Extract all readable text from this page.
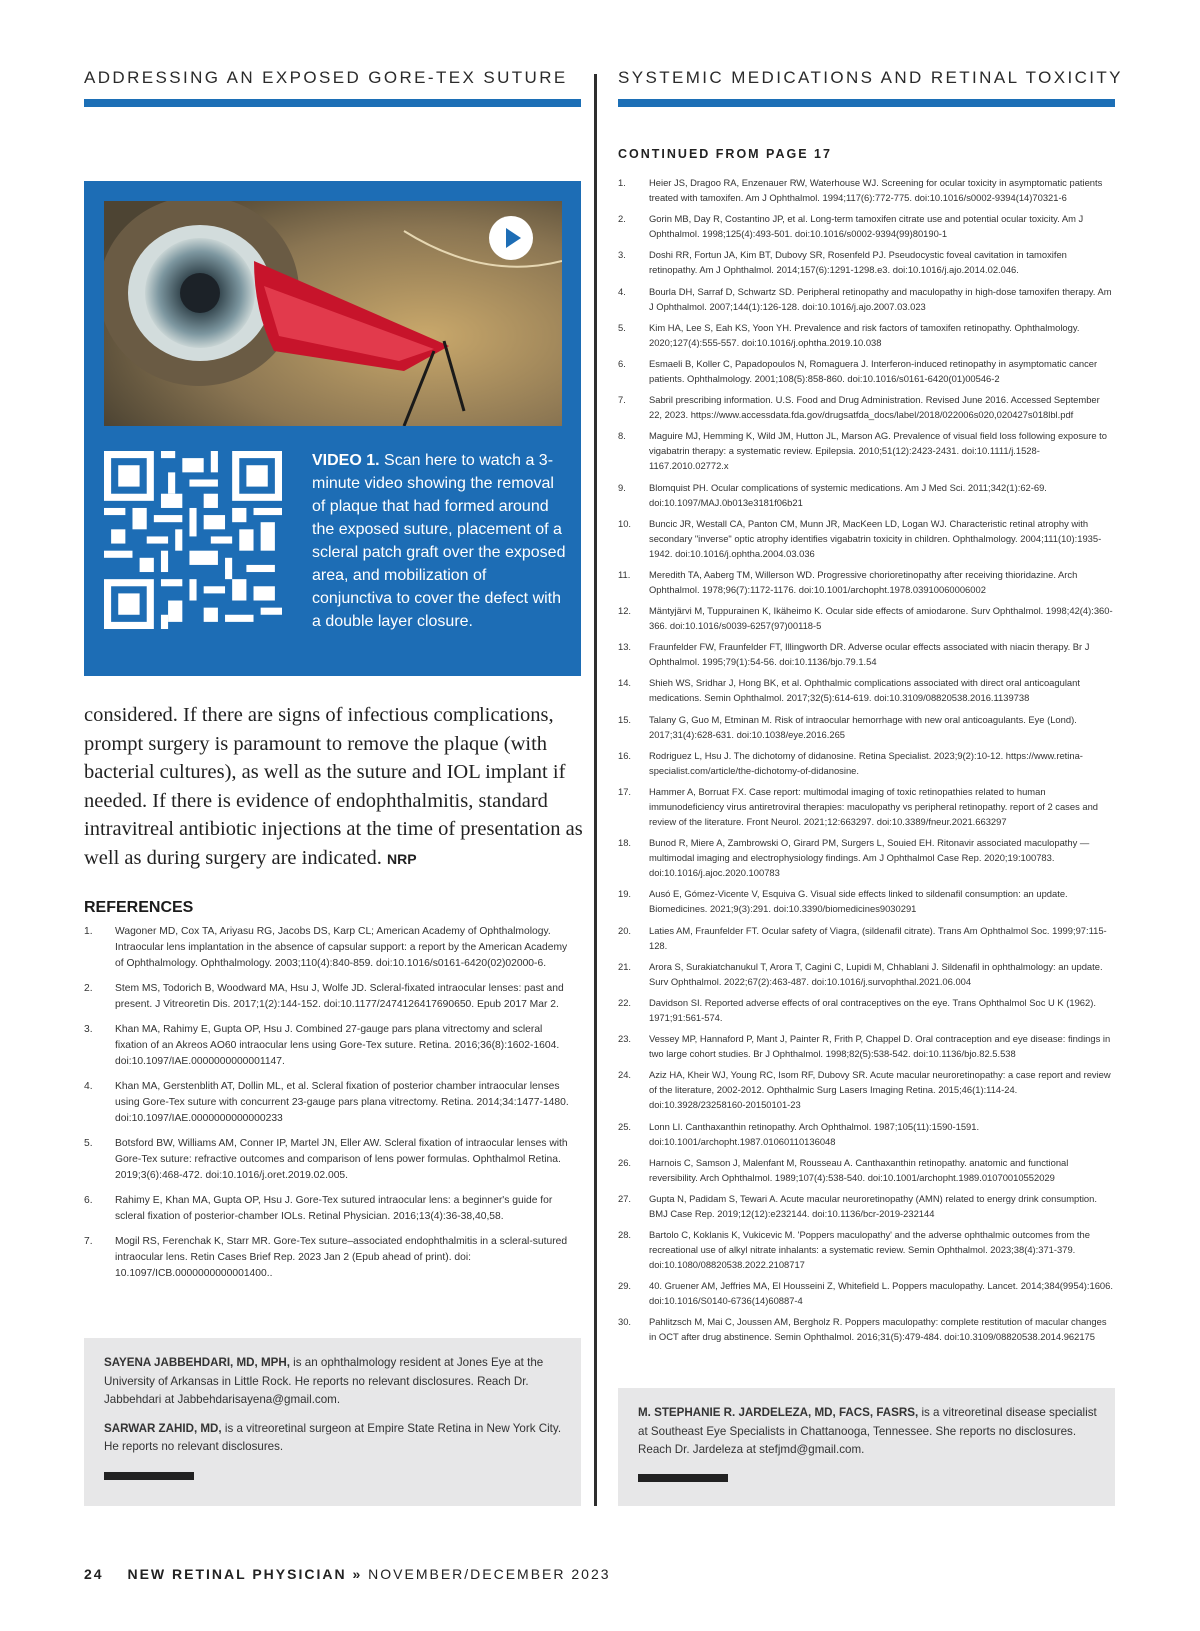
ADDRESSING AN EXPOSED GORE-TEX SUTURE	SYSTEMIC MEDICATIONS AND RETINAL TOXICITY
VIDEO 1. Scan here to watch a 3-minute video showing the removal of plaque that had formed around the exposed suture, placement of a scleral patch graft over the exposed area, and mobilization of conjunctiva to cover the defect with a double layer closure.
considered. If there are signs of infectious complications, prompt surgery is paramount to remove the plaque (with bacterial cultures), as well as the suture and IOL implant if needed. If there is evidence of endophthalmitis, standard intravitreal antibiotic injections at the time of presentation as well as during surgery are indicated. NRP
REFERENCES
1. Wagoner MD, Cox TA, Ariyasu RG, Jacobs DS, Karp CL; American Academy of Ophthalmology. Intraocular lens implantation in the absence of capsular support: a report by the American Academy of Ophthalmology. Ophthalmology. 2003;110(4):840-859. doi:10.1016/s0161-6420(02)02000-6.
2. Stem MS, Todorich B, Woodward MA, Hsu J, Wolfe JD. Scleral-fixated intraocular lenses: past and present. J Vitreoretin Dis. 2017;1(2):144-152. doi:10.1177/2474126417690650. Epub 2017 Mar 2.
3. Khan MA, Rahimy E, Gupta OP, Hsu J. Combined 27-gauge pars plana vitrectomy and scleral fixation of an Akreos AO60 intraocular lens using Gore-Tex suture. Retina. 2016;36(8):1602-1604. doi:10.1097/IAE.0000000000001147.
4. Khan MA, Gerstenblith AT, Dollin ML, et al. Scleral fixation of posterior chamber intraocular lenses using Gore-Tex suture with concurrent 23-gauge pars plana vitrectomy. Retina. 2014;34:1477-1480. doi:10.1097/IAE.0000000000000233
5. Botsford BW, Williams AM, Conner IP, Martel JN, Eller AW. Scleral fixation of intraocular lenses with Gore-Tex suture: refractive outcomes and comparison of lens power formulas. Ophthalmol Retina. 2019;3(6):468-472. doi:10.1016/j.oret.2019.02.005.
6. Rahimy E, Khan MA, Gupta OP, Hsu J. Gore-Tex sutured intraocular lens: a beginner's guide for scleral fixation of posterior-chamber IOLs. Retinal Physician. 2016;13(4):36-38,40,58.
7. Mogil RS, Ferenchak K, Starr MR. Gore-Tex suture–associated endophthalmitis in a scleral-sutured intraocular lens. Retin Cases Brief Rep. 2023 Jan 2 (Epub ahead of print). doi: 10.1097/ICB.0000000000001400..

SAYENA JABBEHDARI, MD, MPH, is an ophthalmology resident at Jones Eye at the University of Arkansas in Little Rock. He reports no relevant disclosures. Reach Dr. Jabbehdari at Jabbehdarisayena@gmail.com.

SARWAR ZAHID, MD, is a vitreoretinal surgeon at Empire State Retina in New York City. He reports no relevant disclosures.

CONTINUED FROM PAGE 17
1. Heier JS, Dragoo RA, Enzenauer RW, Waterhouse WJ. Screening for ocular toxicity in asymptomatic patients treated with tamoxifen. Am J Ophthalmol. 1994;117(6):772-775. doi:10.1016/s0002-9394(14)70321-6
2. Gorin MB, Day R, Costantino JP, et al. Long-term tamoxifen citrate use and potential ocular toxicity. Am J Ophthalmol. 1998;125(4):493-501. doi:10.1016/s0002-9394(99)80190-1
3. Doshi RR, Fortun JA, Kim BT, Dubovy SR, Rosenfeld PJ. Pseudocystic foveal cavitation in tamoxifen retinopathy. Am J Ophthalmol. 2014;157(6):1291-1298.e3. doi:10.1016/j.ajo.2014.02.046.
4. Bourla DH, Sarraf D, Schwartz SD. Peripheral retinopathy and maculopathy in high-dose tamoxifen therapy. Am J Ophthalmol. 2007;144(1):126-128. doi:10.1016/j.ajo.2007.03.023
5. Kim HA, Lee S, Eah KS, Yoon YH. Prevalence and risk factors of tamoxifen retinopathy. Ophthalmology. 2020;127(4):555-557. doi:10.1016/j.ophtha.2019.10.038
6. Esmaeli B, Koller C, Papadopoulos N, Romaguera J. Interferon-induced retinopathy in asymptomatic cancer patients. Ophthalmology. 2001;108(5):858-860. doi:10.1016/s0161-6420(01)00546-2
7. Sabril prescribing information. U.S. Food and Drug Administration. Revised June 2016. Accessed September 22, 2023. https://www.accessdata.fda.gov/drugsatfda_docs/label/2018/022006s020,020427s018lbl.pdf
8. Maguire MJ, Hemming K, Wild JM, Hutton JL, Marson AG. Prevalence of visual field loss following exposure to vigabatrin therapy: a systematic review. Epilepsia. 2010;51(12):2423-2431. doi:10.1111/j.1528-1167.2010.02772.x
9. Blomquist PH. Ocular complications of systemic medications. Am J Med Sci. 2011;342(1):62-69. doi:10.1097/MAJ.0b013e3181f06b21
10. Buncic JR, Westall CA, Panton CM, Munn JR, MacKeen LD, Logan WJ. Characteristic retinal atrophy with secondary "inverse" optic atrophy identifies vigabatrin toxicity in children. Ophthalmology. 2004;111(10):1935-1942. doi:10.1016/j.ophtha.2004.03.036
11. Meredith TA, Aaberg TM, Willerson WD. Progressive chorioretinopathy after receiving thioridazine. Arch Ophthalmol. 1978;96(7):1172-1176. doi:10.1001/archopht.1978.03910060006002
12. Mäntyjärvi M, Tuppurainen K, Ikäheimo K. Ocular side effects of amiodarone. Surv Ophthalmol. 1998;42(4):360-366. doi:10.1016/s0039-6257(97)00118-5
13. Fraunfelder FW, Fraunfelder FT, Illingworth DR. Adverse ocular effects associated with niacin therapy. Br J Ophthalmol. 1995;79(1):54-56. doi:10.1136/bjo.79.1.54
14. Shieh WS, Sridhar J, Hong BK, et al. Ophthalmic complications associated with direct oral anticoagulant medications. Semin Ophthalmol. 2017;32(5):614-619. doi:10.3109/08820538.2016.1139738
15. Talany G, Guo M, Etminan M. Risk of intraocular hemorrhage with new oral anticoagulants. Eye (Lond). 2017;31(4):628-631. doi:10.1038/eye.2016.265
16. Rodriguez L, Hsu J. The dichotomy of didanosine. Retina Specialist. 2023;9(2):10-12. https://www.retina-specialist.com/article/the-dichotomy-of-didanosine.
17. Hammer A, Borruat FX. Case report: multimodal imaging of toxic retinopathies related to human immunodeficiency virus antiretroviral therapies: maculopathy vs peripheral retinopathy. report of 2 cases and review of the literature. Front Neurol. 2021;12:663297. doi:10.3389/fneur.2021.663297
18. Bunod R, Miere A, Zambrowski O, Girard PM, Surgers L, Souied EH. Ritonavir associated maculopathy — multimodal imaging and electrophysiology findings. Am J Ophthalmol Case Rep. 2020;19:100783. doi:10.1016/j.ajoc.2020.100783
19. Ausó E, Gómez-Vicente V, Esquiva G. Visual side effects linked to sildenafil consumption: an update. Biomedicines. 2021;9(3):291. doi:10.3390/biomedicines9030291
20. Laties AM, Fraunfelder FT. Ocular safety of Viagra, (sildenafil citrate). Trans Am Ophthalmol Soc. 1999;97:115-128.
21. Arora S, Surakiatchanukul T, Arora T, Cagini C, Lupidi M, Chhablani J. Sildenafil in ophthalmology: an update. Surv Ophthalmol. 2022;67(2):463-487. doi:10.1016/j.survophthal.2021.06.004
22. Davidson SI. Reported adverse effects of oral contraceptives on the eye. Trans Ophthalmol Soc U K (1962). 1971;91:561-574.
23. Vessey MP, Hannaford P, Mant J, Painter R, Frith P, Chappel D. Oral contraception and eye disease: findings in two large cohort studies. Br J Ophthalmol. 1998;82(5):538-542. doi:10.1136/bjo.82.5.538
24. Aziz HA, Kheir WJ, Young RC, Isom RF, Dubovy SR. Acute macular neuroretinopathy: a case report and review of the literature, 2002-2012. Ophthalmic Surg Lasers Imaging Retina. 2015;46(1):114-24. doi:10.3928/23258160-20150101-23
25. Lonn LI. Canthaxanthin retinopathy. Arch Ophthalmol. 1987;105(11):1590-1591. doi:10.1001/archopht.1987.01060110136048
26. Harnois C, Samson J, Malenfant M, Rousseau A. Canthaxanthin retinopathy. anatomic and functional reversibility. Arch Ophthalmol. 1989;107(4):538-540. doi:10.1001/archopht.1989.01070010552029
27. Gupta N, Padidam S, Tewari A. Acute macular neuroretinopathy (AMN) related to energy drink consumption. BMJ Case Rep. 2019;12(12):e232144. doi:10.1136/bcr-2019-232144
28. Bartolo C, Koklanis K, Vukicevic M. 'Poppers maculopathy' and the adverse ophthalmic outcomes from the recreational use of alkyl nitrate inhalants: a systematic review. Semin Ophthalmol. 2023;38(4):371-379. doi:10.1080/08820538.2022.2108717
29. 40. Gruener AM, Jeffries MA, El Housseini Z, Whitefield L. Poppers maculopathy. Lancet. 2014;384(9954):1606. doi:10.1016/S0140-6736(14)60887-4
30. Pahlitzsch M, Mai C, Joussen AM, Bergholz R. Poppers maculopathy: complete restitution of macular changes in OCT after drug abstinence. Semin Ophthalmol. 2016;31(5):479-484. doi:10.3109/08820538.2014.962175

M. STEPHANIE R. JARDELEZA, MD, FACS, FASRS, is a vitreoretinal disease specialist at Southeast Eye Specialists in Chattanooga, Tennessee. She reports no disclosures. Reach Dr. Jardeleza at stefjmd@gmail.com.

24 NEW RETINAL PHYSICIAN » NOVEMBER/DECEMBER 2023
